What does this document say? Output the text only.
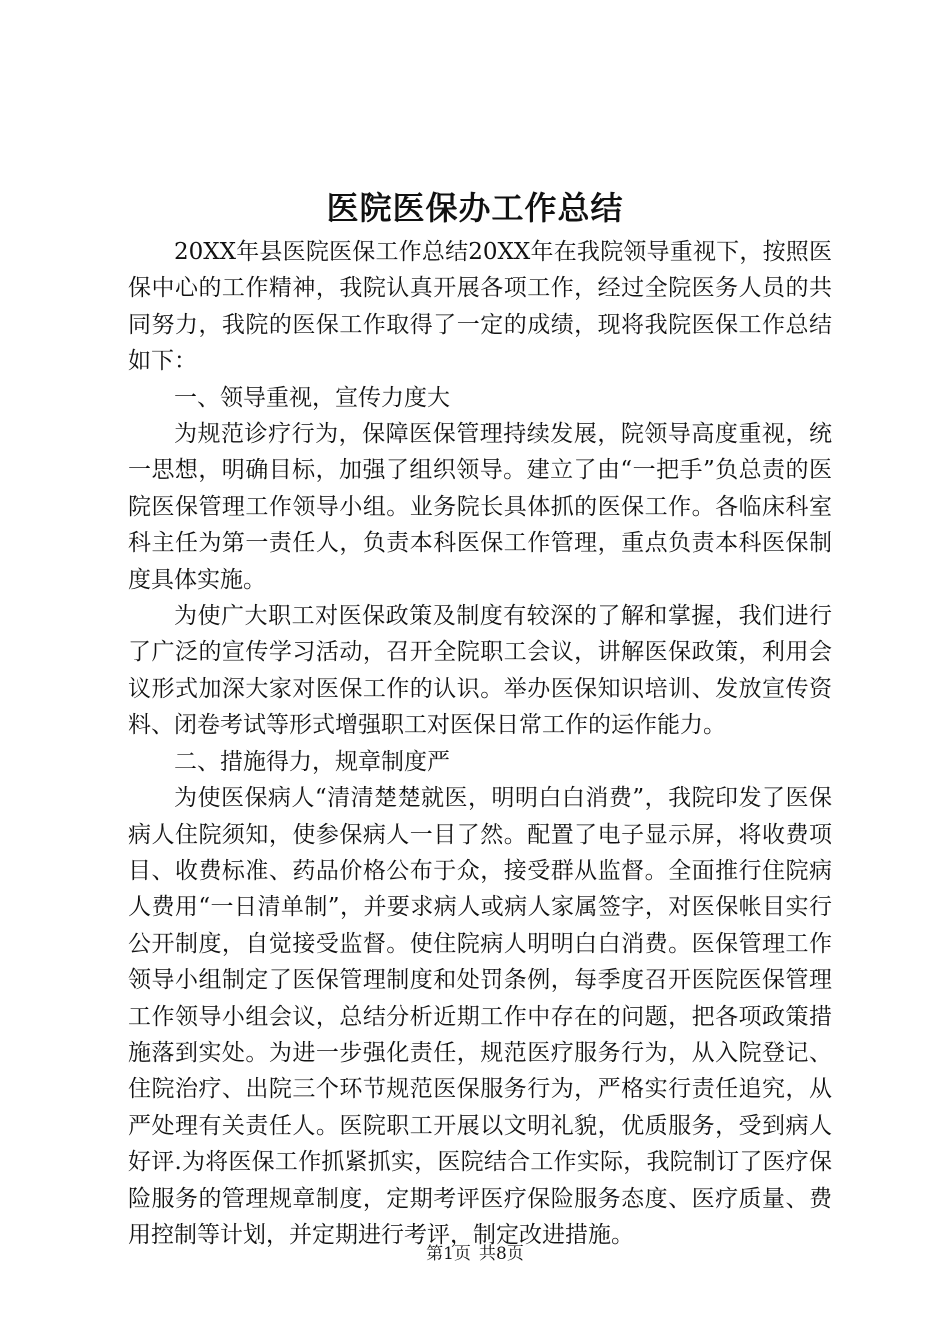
医院医保办工作总结

20XX年县医院医保工作总结20XX年在我院领导重视下，按照医保中心的工作精神，我院认真开展各项工作，经过全院医务人员的共同努力，我院的医保工作取得了一定的成绩，现将我院医保工作总结如下：

一、领导重视，宣传力度大

为规范诊疗行为，保障医保管理持续发展，院领导高度重视，统一思想，明确目标，加强了组织领导。建立了由“一把手”负总责的医院医保管理工作领导小组。业务院长具体抓的医保工作。各临床科室科主任为第一责任人，负责本科医保工作管理，重点负责本科医保制度具体实施。

为使广大职工对医保政策及制度有较深的了解和掌握，我们进行了广泛的宣传学习活动，召开全院职工会议，讲解医保政策，利用会议形式加深大家对医保工作的认识。举办医保知识培训、发放宣传资料、闭卷考试等形式增强职工对医保日常工作的运作能力。

二、措施得力，规章制度严

为使医保病人“清清楚楚就医，明明白白消费”，我院印发了医保病人住院须知，使参保病人一目了然。配置了电子显示屏，将收费项目、收费标准、药品价格公布于众，接受群从监督。全面推行住院病人费用“一日清单制”，并要求病人或病人家属签字，对医保帐目实行公开制度，自觉接受监督。使住院病人明明白白消费。医保管理工作领导小组制定了医保管理制度和处罚条例，每季度召开医院医保管理工作领导小组会议，总结分析近期工作中存在的问题，把各项政策措施落到实处。为进一步强化责任，规范医疗服务行为，从入院登记、住院治疗、出院三个环节规范医保服务行为，严格实行责任追究，从严处理有关责任人。医院职工开展以文明礼貌，优质服务，受到病人好评.为将医保工作抓紧抓实，医院结合工作实际，我院制订了医疗保险服务的管理规章制度，定期考评医疗保险服务态度、医疗质量、费用控制等计划，并定期进行考评，制定改进措施。

第1页 共8页
